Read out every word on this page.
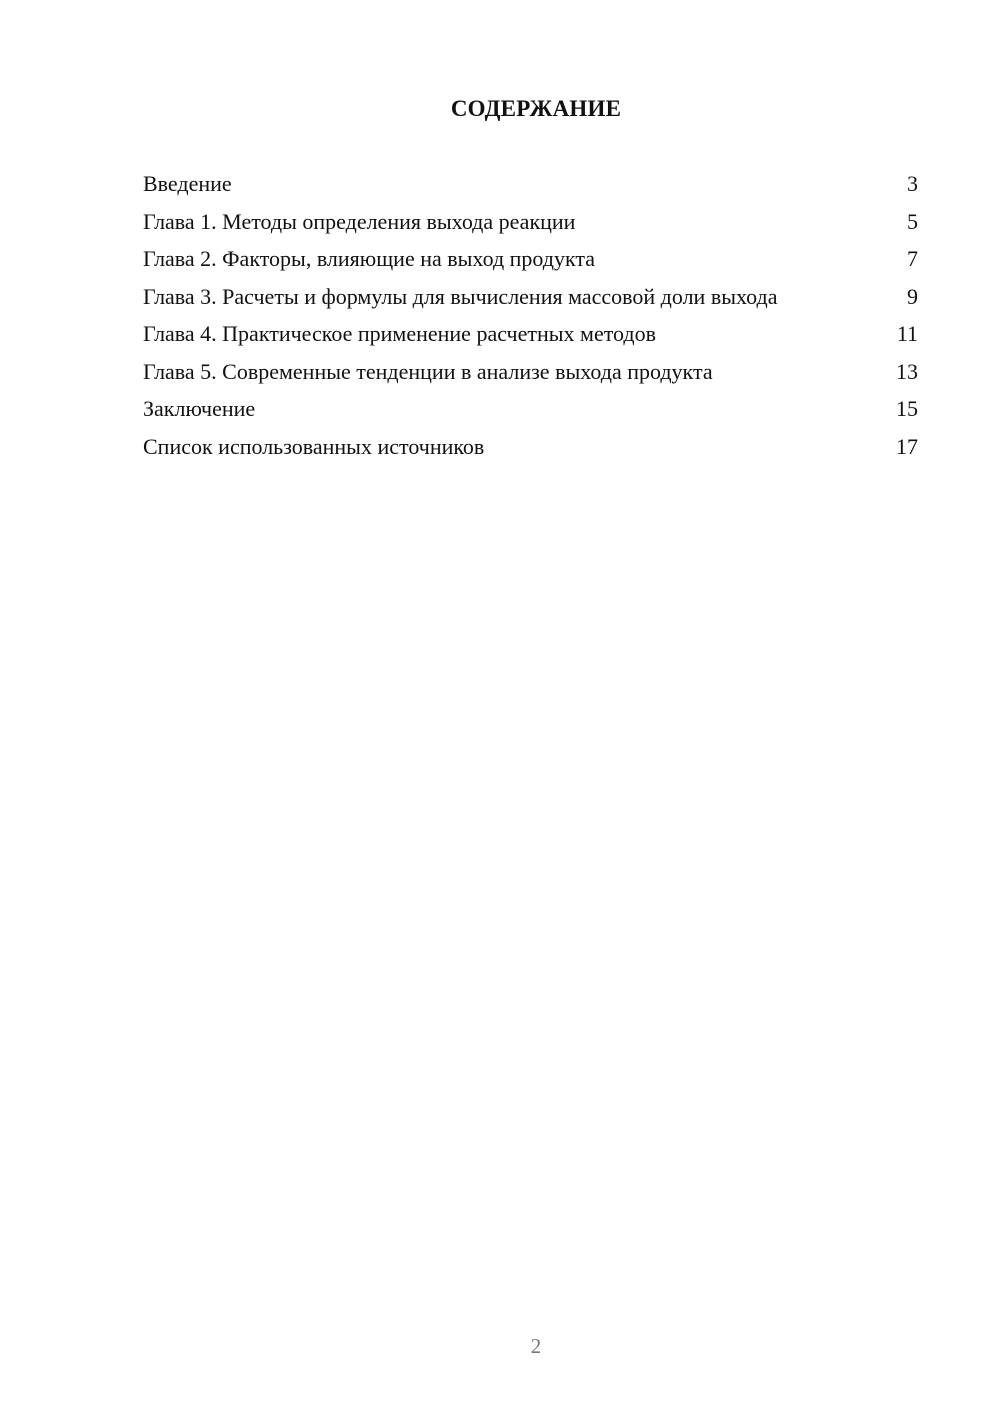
СОДЕРЖАНИЕ
Введение	3
Глава 1. Методы определения выхода реакции	5
Глава 2. Факторы, влияющие на выход продукта	7
Глава 3. Расчеты и формулы для вычисления массовой доли выхода	9
Глава 4. Практическое применение расчетных методов	11
Глава 5. Современные тенденции в анализе выхода продукта	13
Заключение	15
Список использованных источников	17
2
